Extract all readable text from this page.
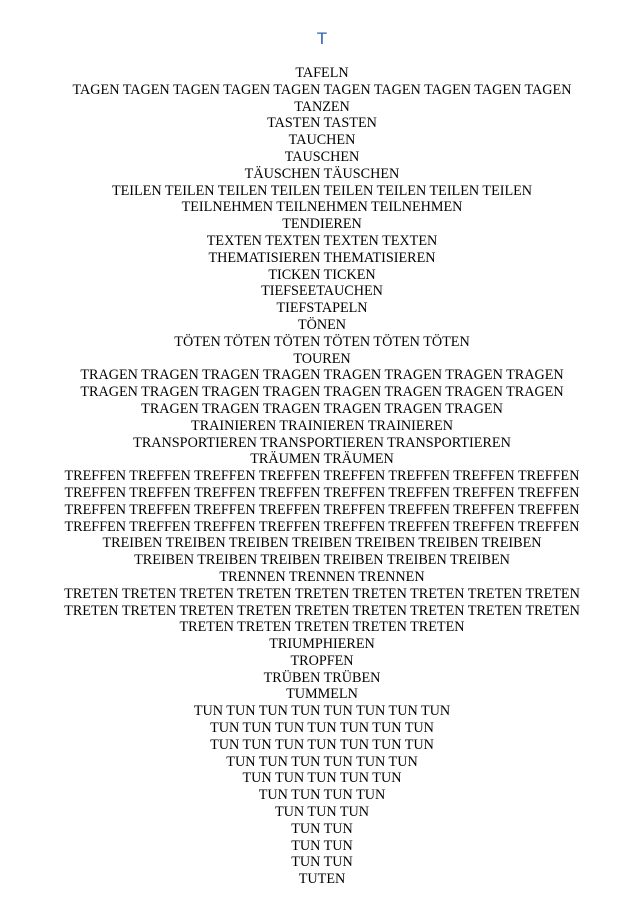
T
TAFELN
TAGEN TAGEN TAGEN TAGEN TAGEN TAGEN TAGEN TAGEN TAGEN TAGEN
TANZEN
TASTEN TASTEN
TAUCHEN
TAUSCHEN
TÄUSCHEN TÄUSCHEN
TEILEN TEILEN TEILEN TEILEN TEILEN TEILEN TEILEN TEILEN
TEILNEHMEN TEILNEHMEN TEILNEHMEN
TENDIEREN
TEXTEN TEXTEN TEXTEN TEXTEN
THEMATISIEREN THEMATISIEREN
TICKEN TICKEN
TIEFSEETAUCHEN
TIEFSTAPELN
TÖNEN
TÖTEN TÖTEN TÖTEN TÖTEN TÖTEN TÖTEN
TOUREN
TRAGEN TRAGEN TRAGEN TRAGEN TRAGEN TRAGEN TRAGEN TRAGEN
TRAGEN TRAGEN TRAGEN TRAGEN TRAGEN TRAGEN TRAGEN TRAGEN
TRAGEN TRAGEN TRAGEN TRAGEN TRAGEN TRAGEN
TRAINIEREN TRAINIEREN TRAINIEREN
TRANSPORTIEREN TRANSPORTIEREN TRANSPORTIEREN
TRÄUMEN TRÄUMEN
TREFFEN TREFFEN TREFFEN TREFFEN TREFFEN TREFFEN TREFFEN TREFFEN
TREFFEN TREFFEN TREFFEN TREFFEN TREFFEN TREFFEN TREFFEN TREFFEN
TREFFEN TREFFEN TREFFEN TREFFEN TREFFEN TREFFEN TREFFEN TREFFEN
TREFFEN TREFFEN TREFFEN TREFFEN TREFFEN TREFFEN TREFFEN TREFFEN
TREIBEN TREIBEN TREIBEN TREIBEN TREIBEN TREIBEN TREIBEN
TREIBEN TREIBEN TREIBEN TREIBEN TREIBEN TREIBEN
TRENNEN TRENNEN TRENNEN
TRETEN TRETEN TRETEN TRETEN TRETEN TRETEN TRETEN TRETEN TRETEN
TRETEN TRETEN TRETEN TRETEN TRETEN TRETEN TRETEN TRETEN TRETEN
TRETEN TRETEN TRETEN TRETEN TRETEN
TRIUMPHIEREN
TROPFEN
TRÜBEN TRÜBEN
TUMMELN
TUN TUN TUN TUN TUN TUN TUN TUN
TUN TUN TUN TUN TUN TUN TUN
TUN TUN TUN TUN TUN TUN TUN
TUN TUN TUN TUN TUN TUN
TUN TUN TUN TUN TUN
TUN TUN TUN TUN
TUN TUN TUN
TUN TUN
TUN TUN
TUN TUN
TUTEN
